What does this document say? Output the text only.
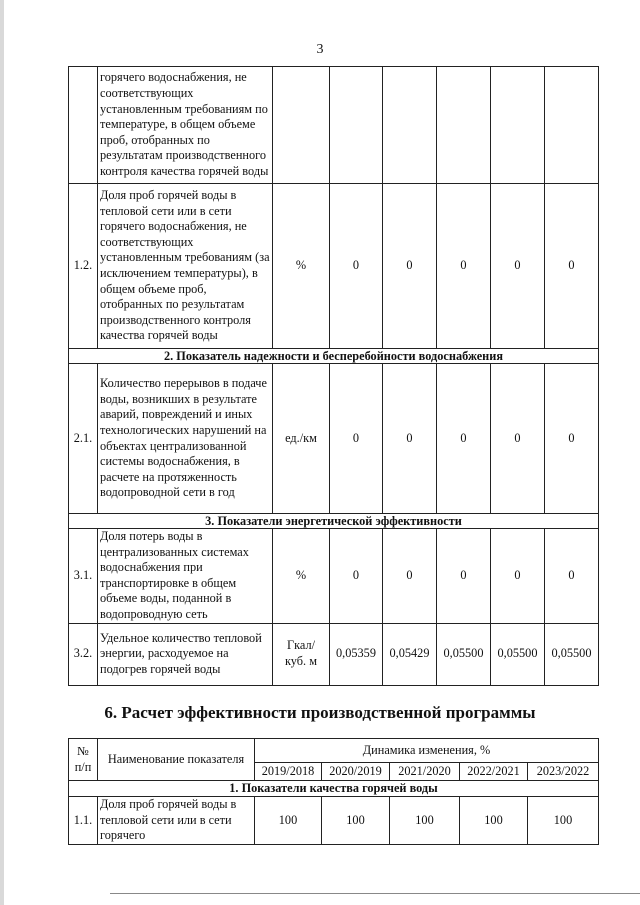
3
	горячего водоснабжения, не соответствующих установленным требованиям по температуре, в общем объеме проб, отобранных по результатам производственного контроля качества горячей воды						
1.2.	Доля проб горячей воды в тепловой сети или в сети горячего водоснабжения, не соответствующих установленным требованиям (за исключением температуры), в общем объеме проб, отобранных по результатам производственного контроля качества горячей воды	%	0	0	0	0	0
2. Показатель надежности и бесперебойности водоснабжения							
2.1.	Количество перерывов в подаче воды, возникших в результате аварий, повреждений и иных технологических нарушений на объектах централизованной системы водоснабжения, в расчете на протяженность водопроводной сети в год	ед./км	0	0	0	0	0
3. Показатели энергетической эффективности							
3.1.	Доля потерь воды в централизованных системах водоснабжения при транспортировке в общем объеме воды, поданной в водопроводную сеть	%	0	0	0	0	0
3.2.	Удельное количество тепловой энергии, расходуемое на подогрев горячей воды	Гкал/ куб. м	0,05359	0,05429	0,05500	0,05500	0,05500
6. Расчет эффективности производственной программы
№ п/п	Наименование показателя	Динамика изменения, %				
		2019/2018	2020/2019	2021/2020	2022/2021	2023/2022
1. Показатели качества горячей воды						
1.1.	Доля проб горячей воды в тепловой сети или в сети горячего	100	100	100	100	100
